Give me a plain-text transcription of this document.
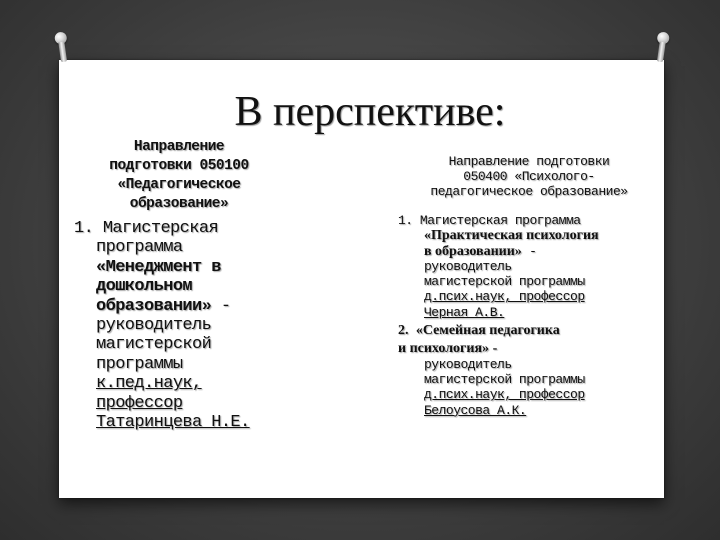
В перспективе:
Направление
подготовки 050100
«Педагогическое
образование»
1. Магистерская
программа
«Менеджмент в
дошкольном
образовании» -
руководитель
магистерской
программы
к.пед.наук,
профессор
Татаринцева Н.Е.
Направление подготовки
050400 «Психолого-
педагогическое образование»
1. Магистерская программа
«Практическая психология
в образовании» -
руководитель
магистерской программы
д.псих.наук, профессор
Черная А.В.
2. «Семейная педагогика
и психология» -
руководитель
магистерской программы
д.псих.наук, профессор
Белоусова А.К.
